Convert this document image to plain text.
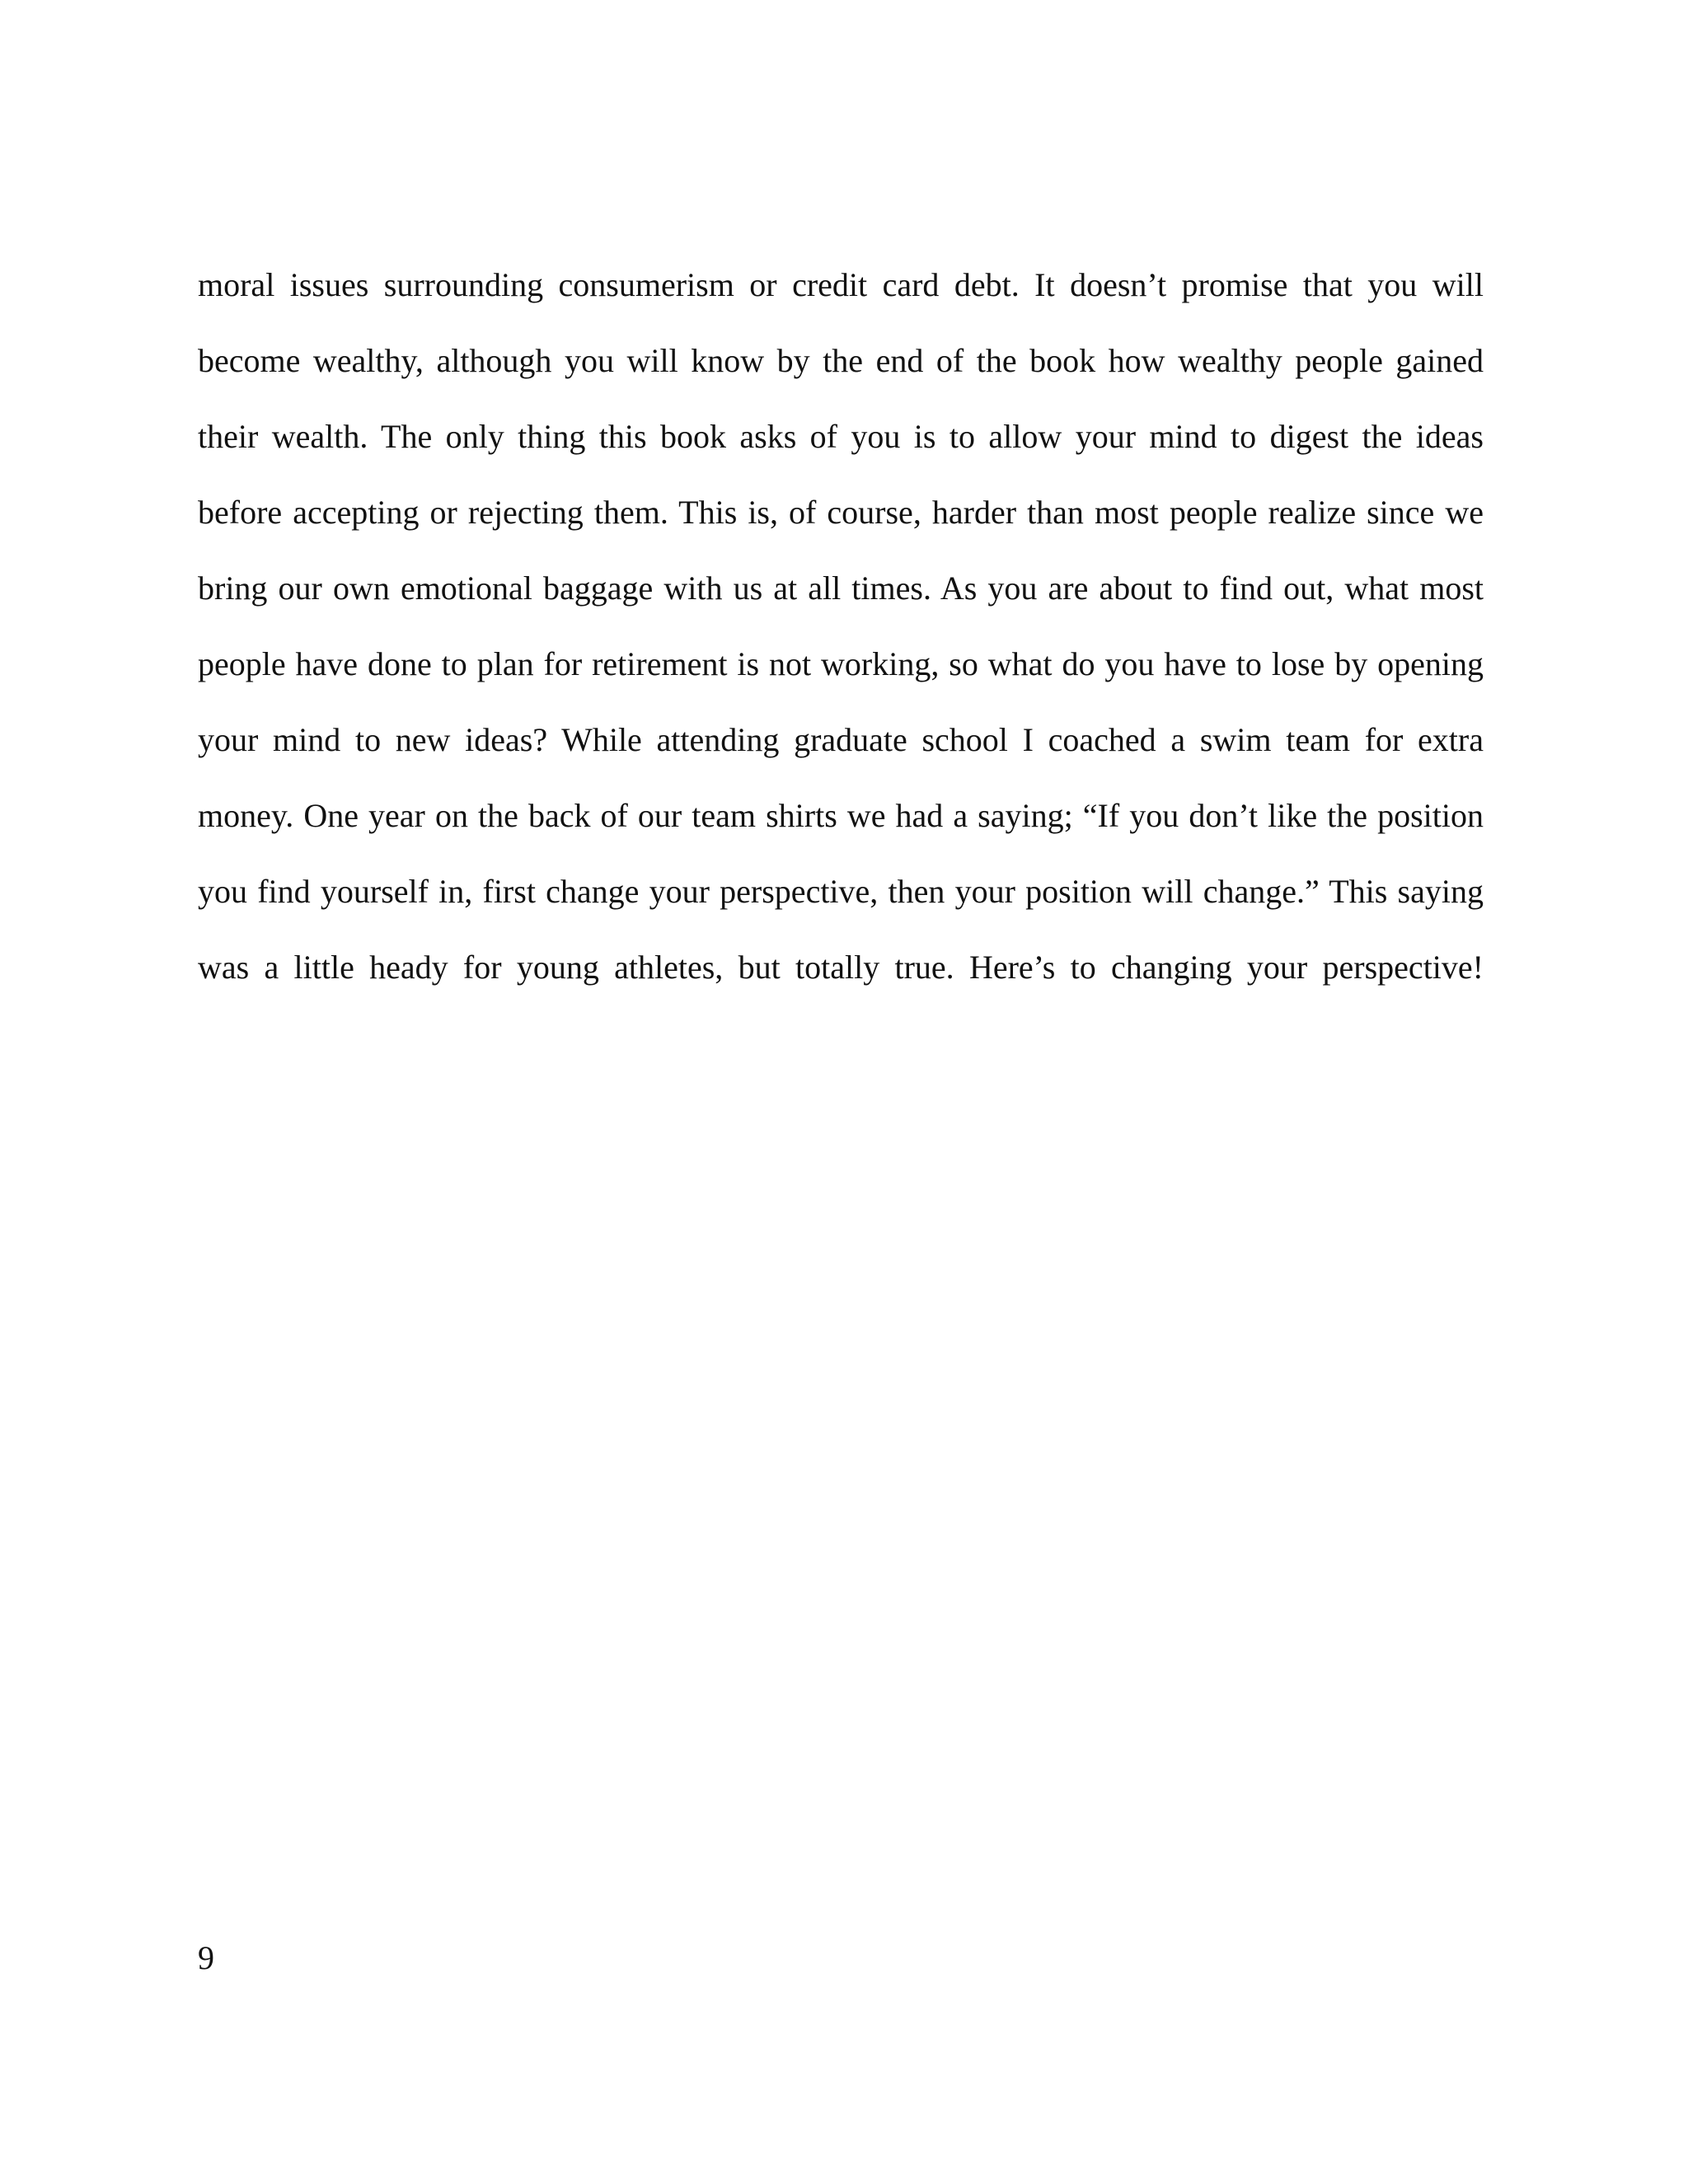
moral issues surrounding consumerism or credit card debt. It doesn’t promise that you will
become wealthy, although you will know by the end of the book how wealthy people gained
their wealth. The only thing this book asks of you is to allow your mind to digest the ideas
before accepting or rejecting them. This is, of course, harder than most people realize since we
bring our own emotional baggage with us at all times. As you are about to find out, what most
people have done to plan for retirement is not working, so what do you have to lose by opening
your mind to new ideas? While attending graduate school I coached a swim team for extra
money. One year on the back of our team shirts we had a saying; “If you don’t like the position
you find yourself in, first change your perspective, then your position will change.” This saying
was a little heady for young athletes, but totally true. Here’s to changing your perspective!

9
